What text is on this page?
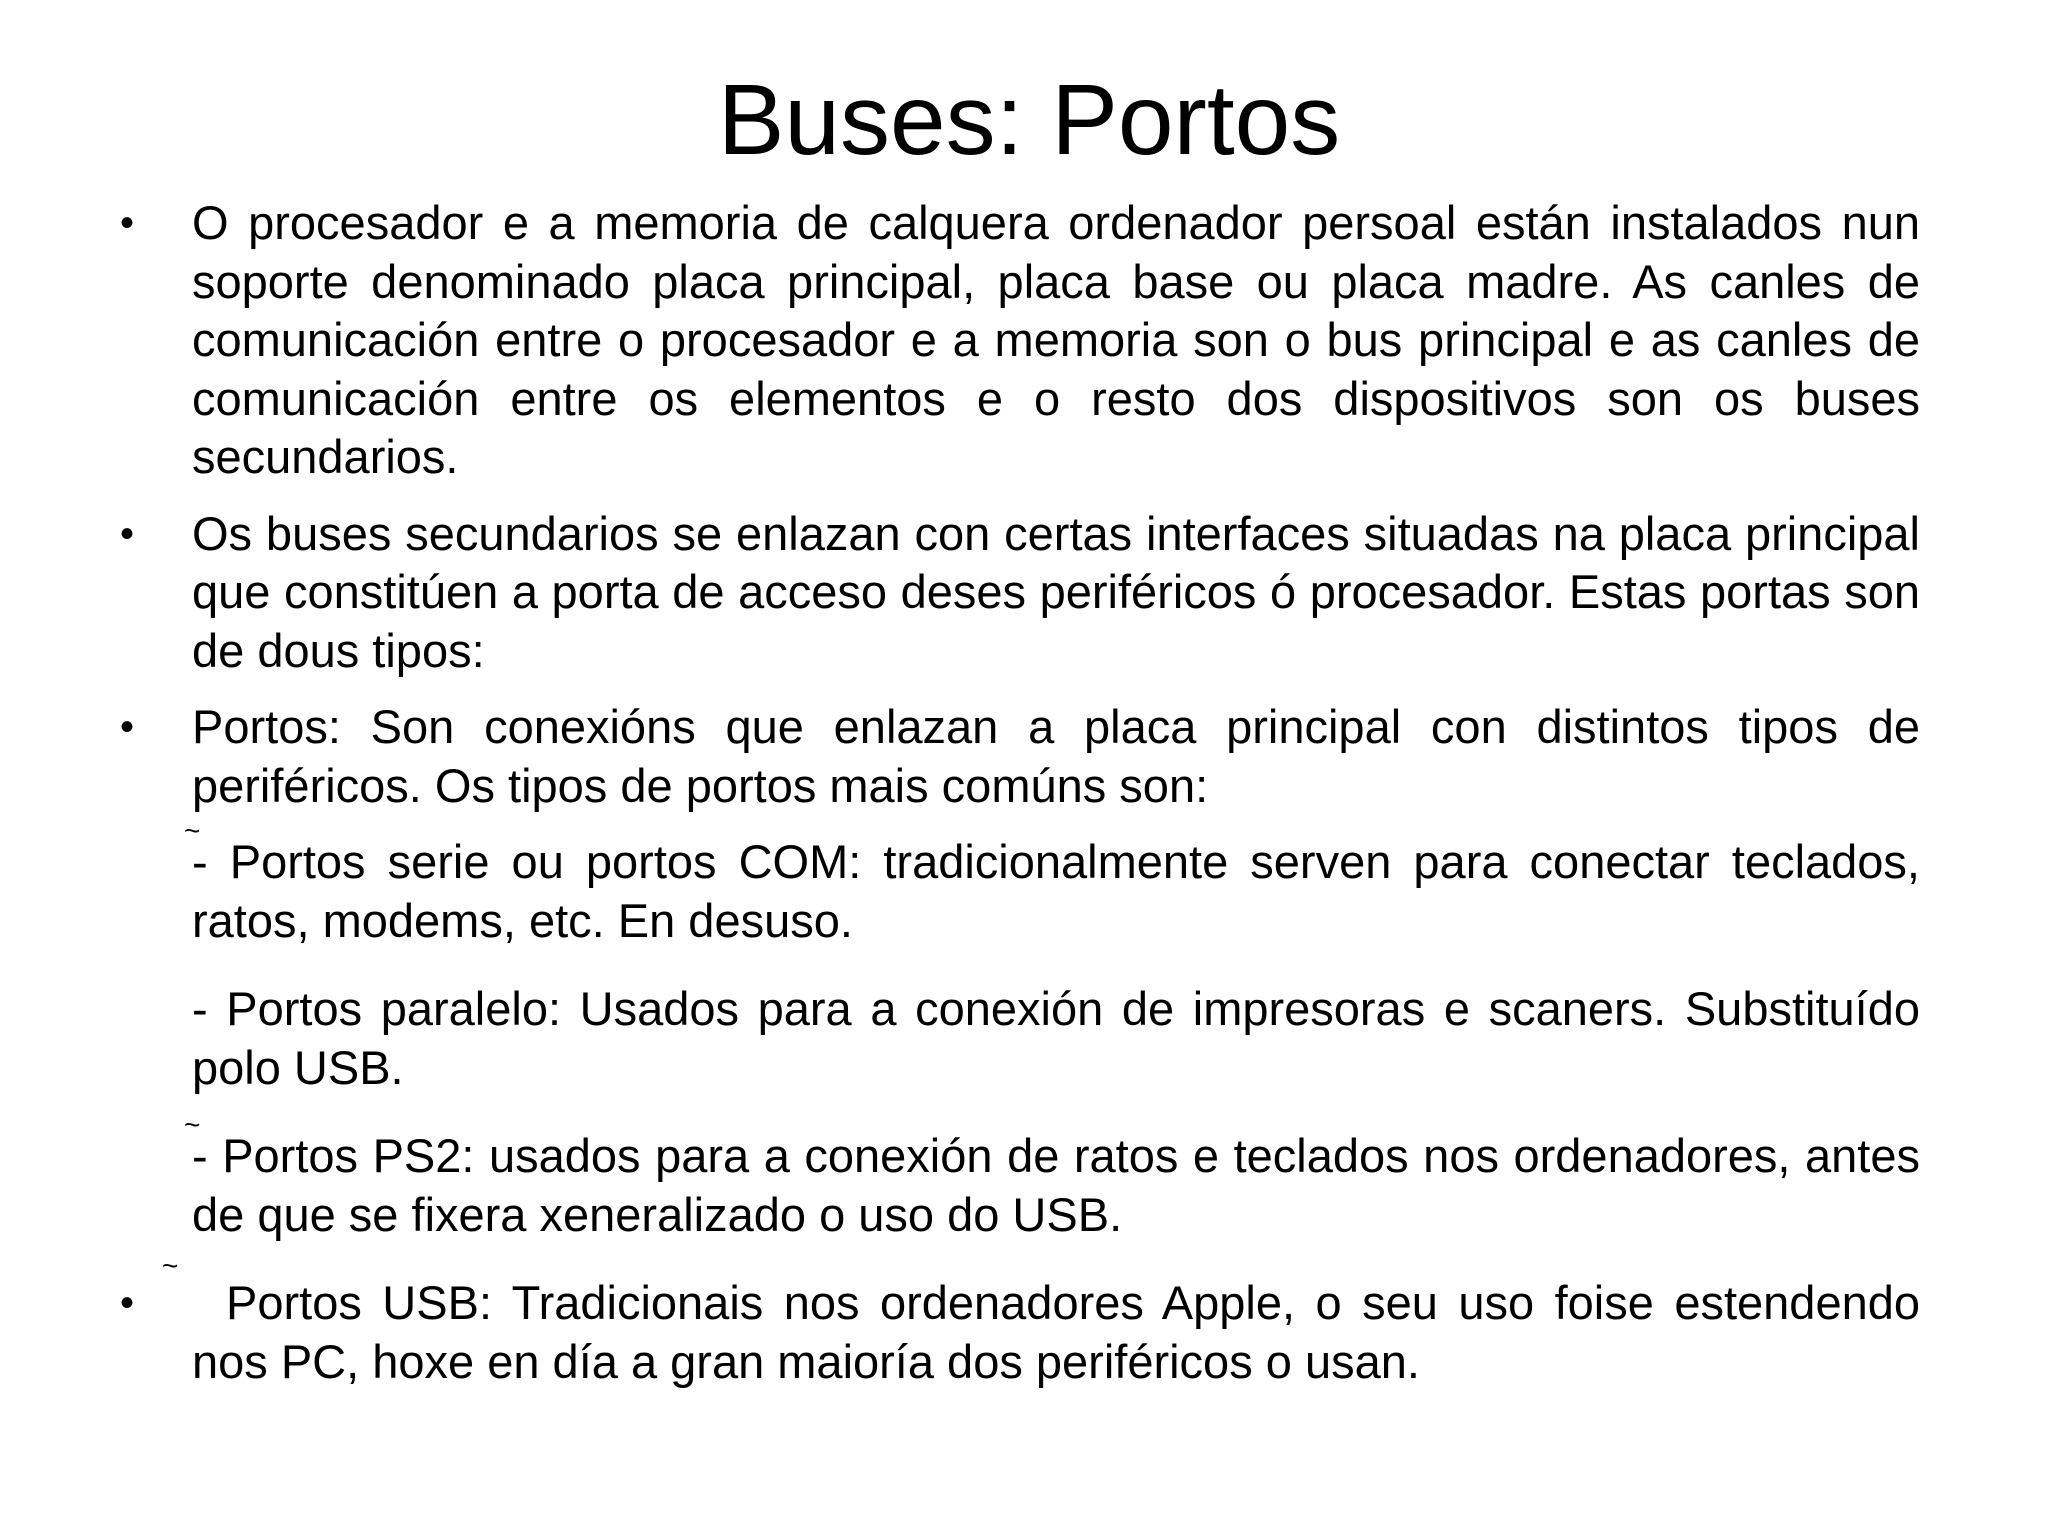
Buses: Portos

•	O procesador e a memoria de calquera ordenador persoal están instalados nun soporte denominado placa principal, placa base ou placa madre. As canles de comunicación entre o procesador e a memoria son o bus principal e as canles de comunicación entre os elementos e o resto dos dispositivos son os buses secundarios.

•	Os buses secundarios se enlazan con certas interfaces situadas na placa principal que constitúen a porta de acceso deses periféricos ó procesador. Estas portas son de dous tipos:

•	Portos: Son conexións que enlazan a placa principal con distintos tipos de periféricos. Os tipos de portos mais comúns son:

~
- Portos serie ou portos COM: tradicionalmente serven para conectar teclados, ratos, modems, etc. En desuso.

- Portos paralelo: Usados para a conexión de impresoras e scaners. Substituído polo USB.

~
- Portos PS2: usados para a conexión de ratos e teclados nos ordenadores, antes de que se fixera xeneralizado o uso do USB.

•
~
Portos USB: Tradicionais nos ordenadores Apple, o seu uso foise estendendo nos PC, hoxe en día a gran maioría dos periféricos o usan.
